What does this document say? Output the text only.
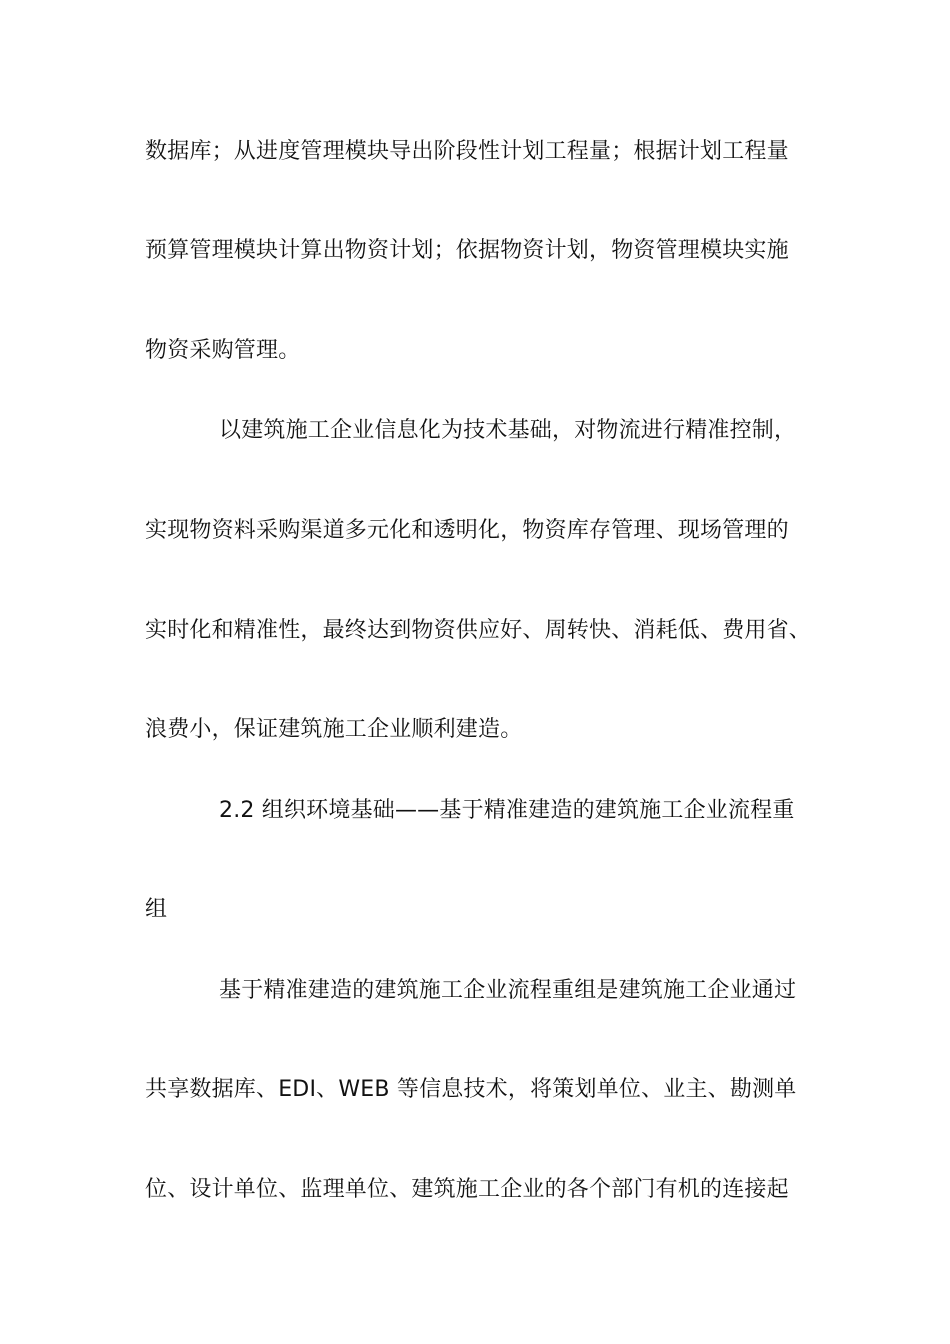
数据库；从进度管理模块导出阶段性计划工程量；根据计划工程量
预算管理模块计算出物资计划；依据物资计划，物资管理模块实施
物资采购管理。
以建筑施工企业信息化为技术基础，对物流进行精准控制，
实现物资料采购渠道多元化和透明化，物资库存管理、现场管理的
实时化和精准性，最终达到物资供应好、周转快、消耗低、费用省、
浪费小，保证建筑施工企业顺利建造。
2.2 组织环境基础——基于精准建造的建筑施工企业流程重
组
基于精准建造的建筑施工企业流程重组是建筑施工企业通过
共享数据库、EDI、WEB 等信息技术，将策划单位、业主、勘测单
位、设计单位、监理单位、建筑施工企业的各个部门有机的连接起
